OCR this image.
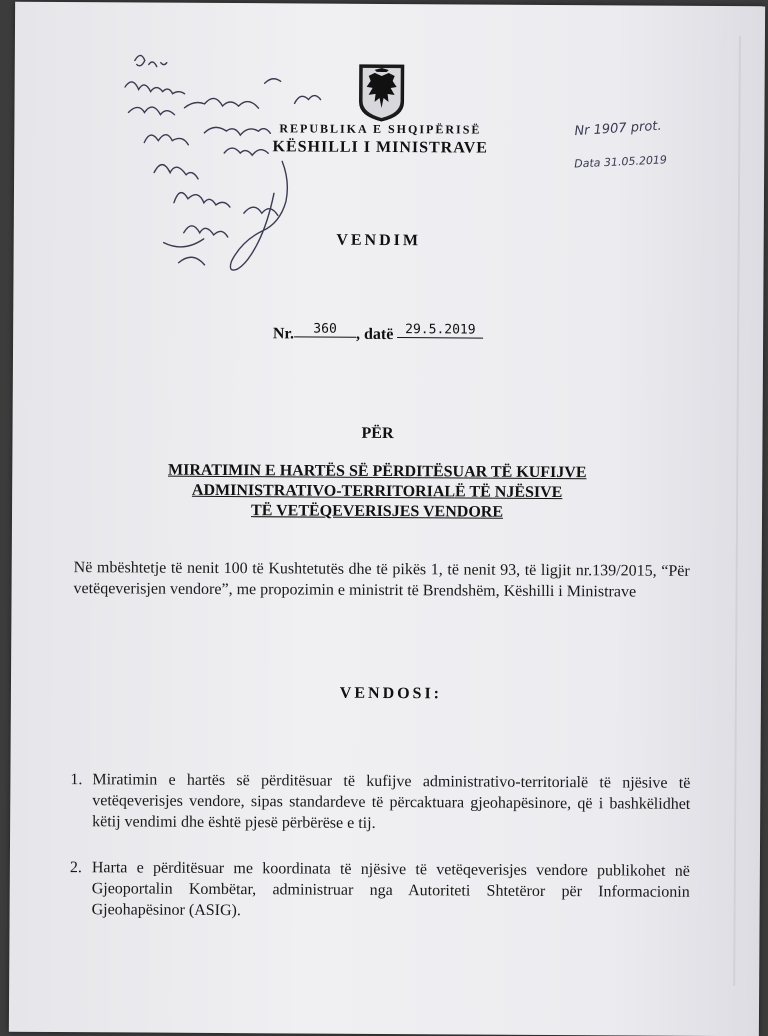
REPUBLIKA E SHQIPËRISË
KËSHILLI I MINISTRAVE
Nr 1907 prot.
Data 31.05.2019
VENDIM
Nr. 360 , datë 29.5.2019
PËR
MIRATIMIN E HARTËS SË PËRDITËSUAR TË KUFIJVE
ADMINISTRATIVO-TERRITORIALË TË NJËSIVE
TË VETËQEVERISJES VENDORE
Në mbështetje të nenit 100 të Kushtetutës dhe të pikës 1, të nenit 93, të ligjit nr.139/2015, “Për vetëqeverisjen vendore”, me propozimin e ministrit të Brendshëm, Këshilli i Ministrave
VENDOSI:
1. Miratimin e hartës së përditësuar të kufijve administrativo-territorialë të njësive të vetëqeverisjes vendore, sipas standardeve të përcaktuara gjeohapësinore, që i bashkëlidhet këtij vendimi dhe është pjesë përbërëse e tij.
2. Harta e përditësuar me koordinata të njësive të vetëqeverisjes vendore publikohet në Gjeoportalin Kombëtar, administruar nga Autoriteti Shtetëror për Informacionin Gjeohapësinor (ASIG).
